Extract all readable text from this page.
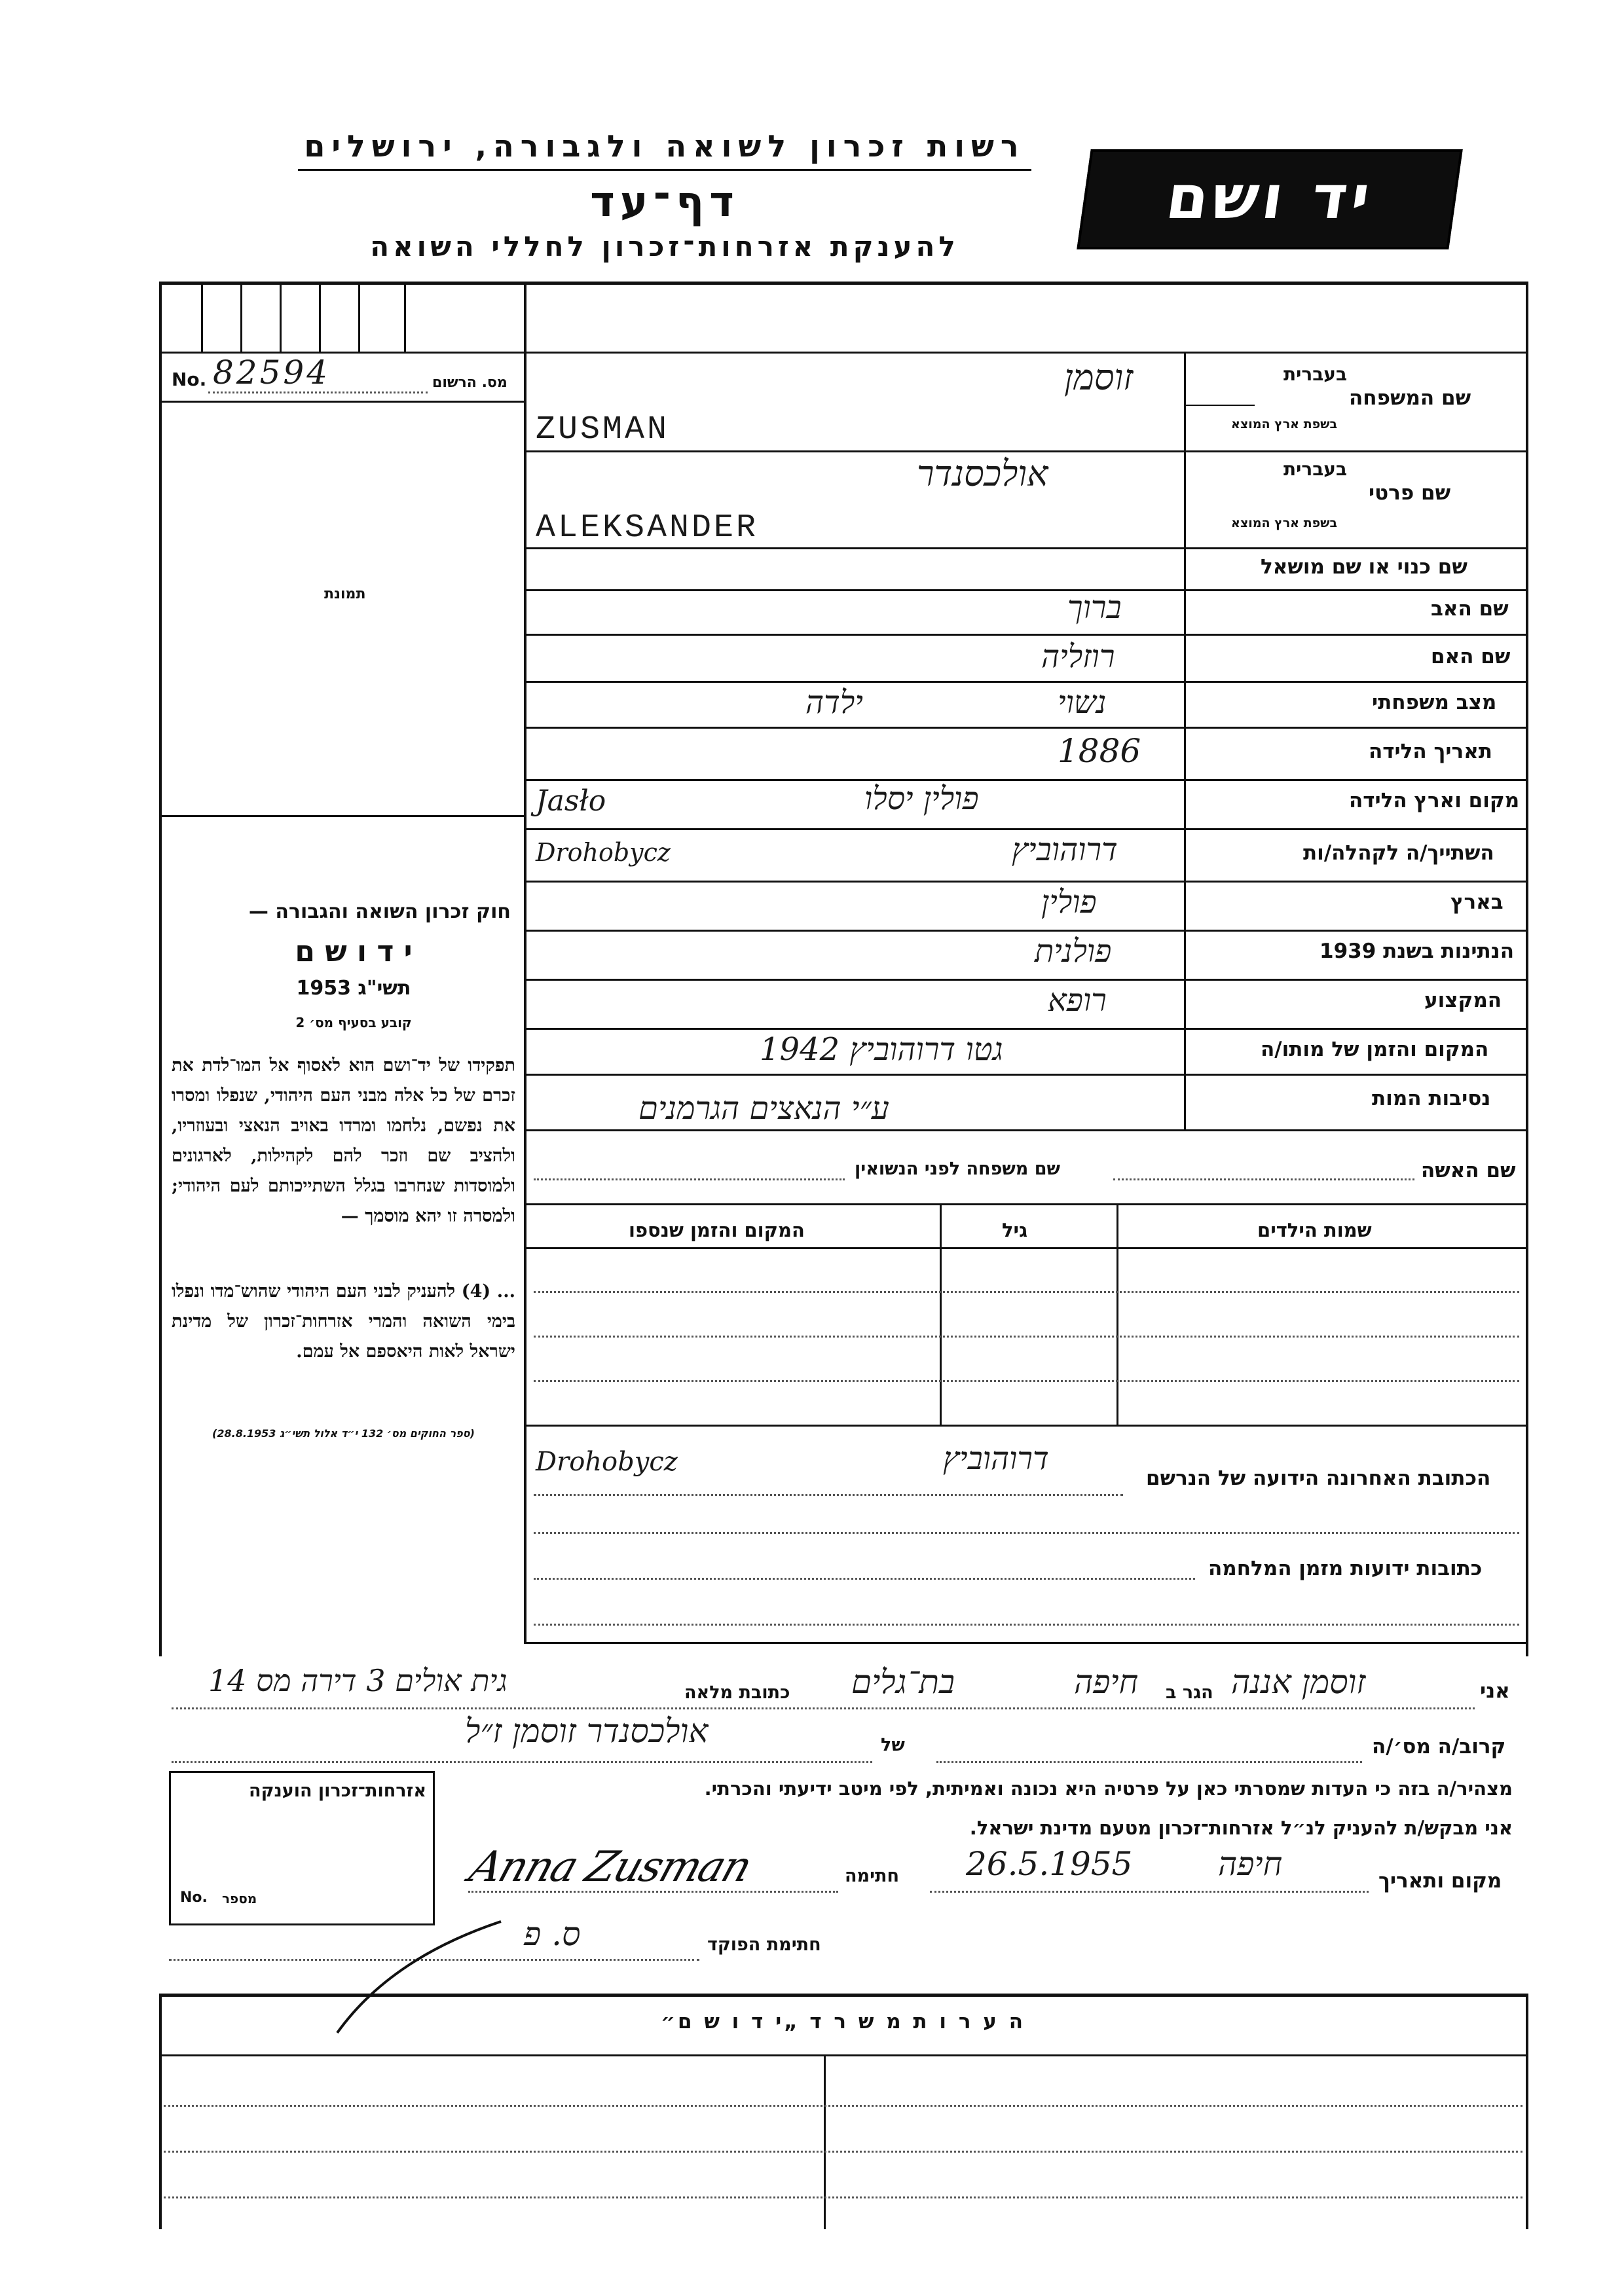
רשות זכרון לשואה ולגבורה, ירושלים
דף־עד
להענקת אזרחות־זכרון לחללי השואה
יד ושם
No. 82594	מס. הרשום
תמונת
חוק זכרון השואה והגבורה —
י ד ו ש ם
תשי"ג 1953
קובע בסעיף מס׳ 2
תפקידו של יד־ושם הוא לאסוף אל המו־לדת את זכרם של כל אלה מבני העם היהודי, שנפלו ומסרו את נפשם, נלחמו ומרדו באויב הנאצי ובעוזריו, ולהציב שם וזכר להם לקהילות, לארגונים ולמוסדות שנחרבו בגלל השתייכותם לעם היהודי; ולמסרה זו יהא מוסמך —
... (4) להעניק לבני העם היהודי שהוש־מדו ונפלו בימי השואה והמרי אזרחות־זכרון של מדינת ישראל לאות היאספם אל עמם.
(ספר החוקים מס׳ 132 י״ד אלול תשי״ג 28.8.1953)
שם המשפחה
בעברית
בשפת ארץ המוצא
זוסמן
ZUSMAN
שם פרטי
בעברית
בשפת ארץ המוצא
אולכסנדר
ALEKSANDER
שם כנוי או שם מושאל
שם האב
ברוך
שם האם
רוזליה
מצב משפחתי
נשוי
ילדה
תאריך הלידה
1886
מקום וארץ הלידה
פולין יסלו
Jasło
השתייך/ה לקהלה/ות
דרוהוביץ
Drohobycz
בארץ
פולין
הנתינות בשנת 1939
פולנית
המקצוע
רופא
המקום והזמן של מותו/ה
גטו דרוהוביץ 1942
נסיבות המות
ע״י הנאצים הגרמנים
שם האשה
שם משפחה לפני הנשואין
שמות הילדים
גיל
המקום והזמן שנספו
Drohobycz	דרוהוביץ
הכתובת האחרונה הידועה של הנרשם
כתובות ידועות מזמן המלחמה
אני
זוסמן אננה
הגר ב
חיפה
בת־גלים
כתובת מלאה
גית אולים 3 דירה מס 14
קרוב/ה מס׳/ה
של
אולכסנדר זוסמן ז״ל
מצהיר/ה בזה כי העדות שמסרתי כאן על פרטיה היא נכונה ואמיתית, לפי מיטב ידיעתי והכרתי.
אני מבקש/ת להעניק לנ״ל אזרחות־זכרון מטעם מדינת ישראל.
מקום ותאריך
חיפה
26.5.1955
חתימה
Anna Zusman
אזרחות־זכרון הוענקה
מספר
No.
חתימת הפוקד
ס. פ
ה ע ר ו ת מ ש ר ד „י ד ו ש ם״
